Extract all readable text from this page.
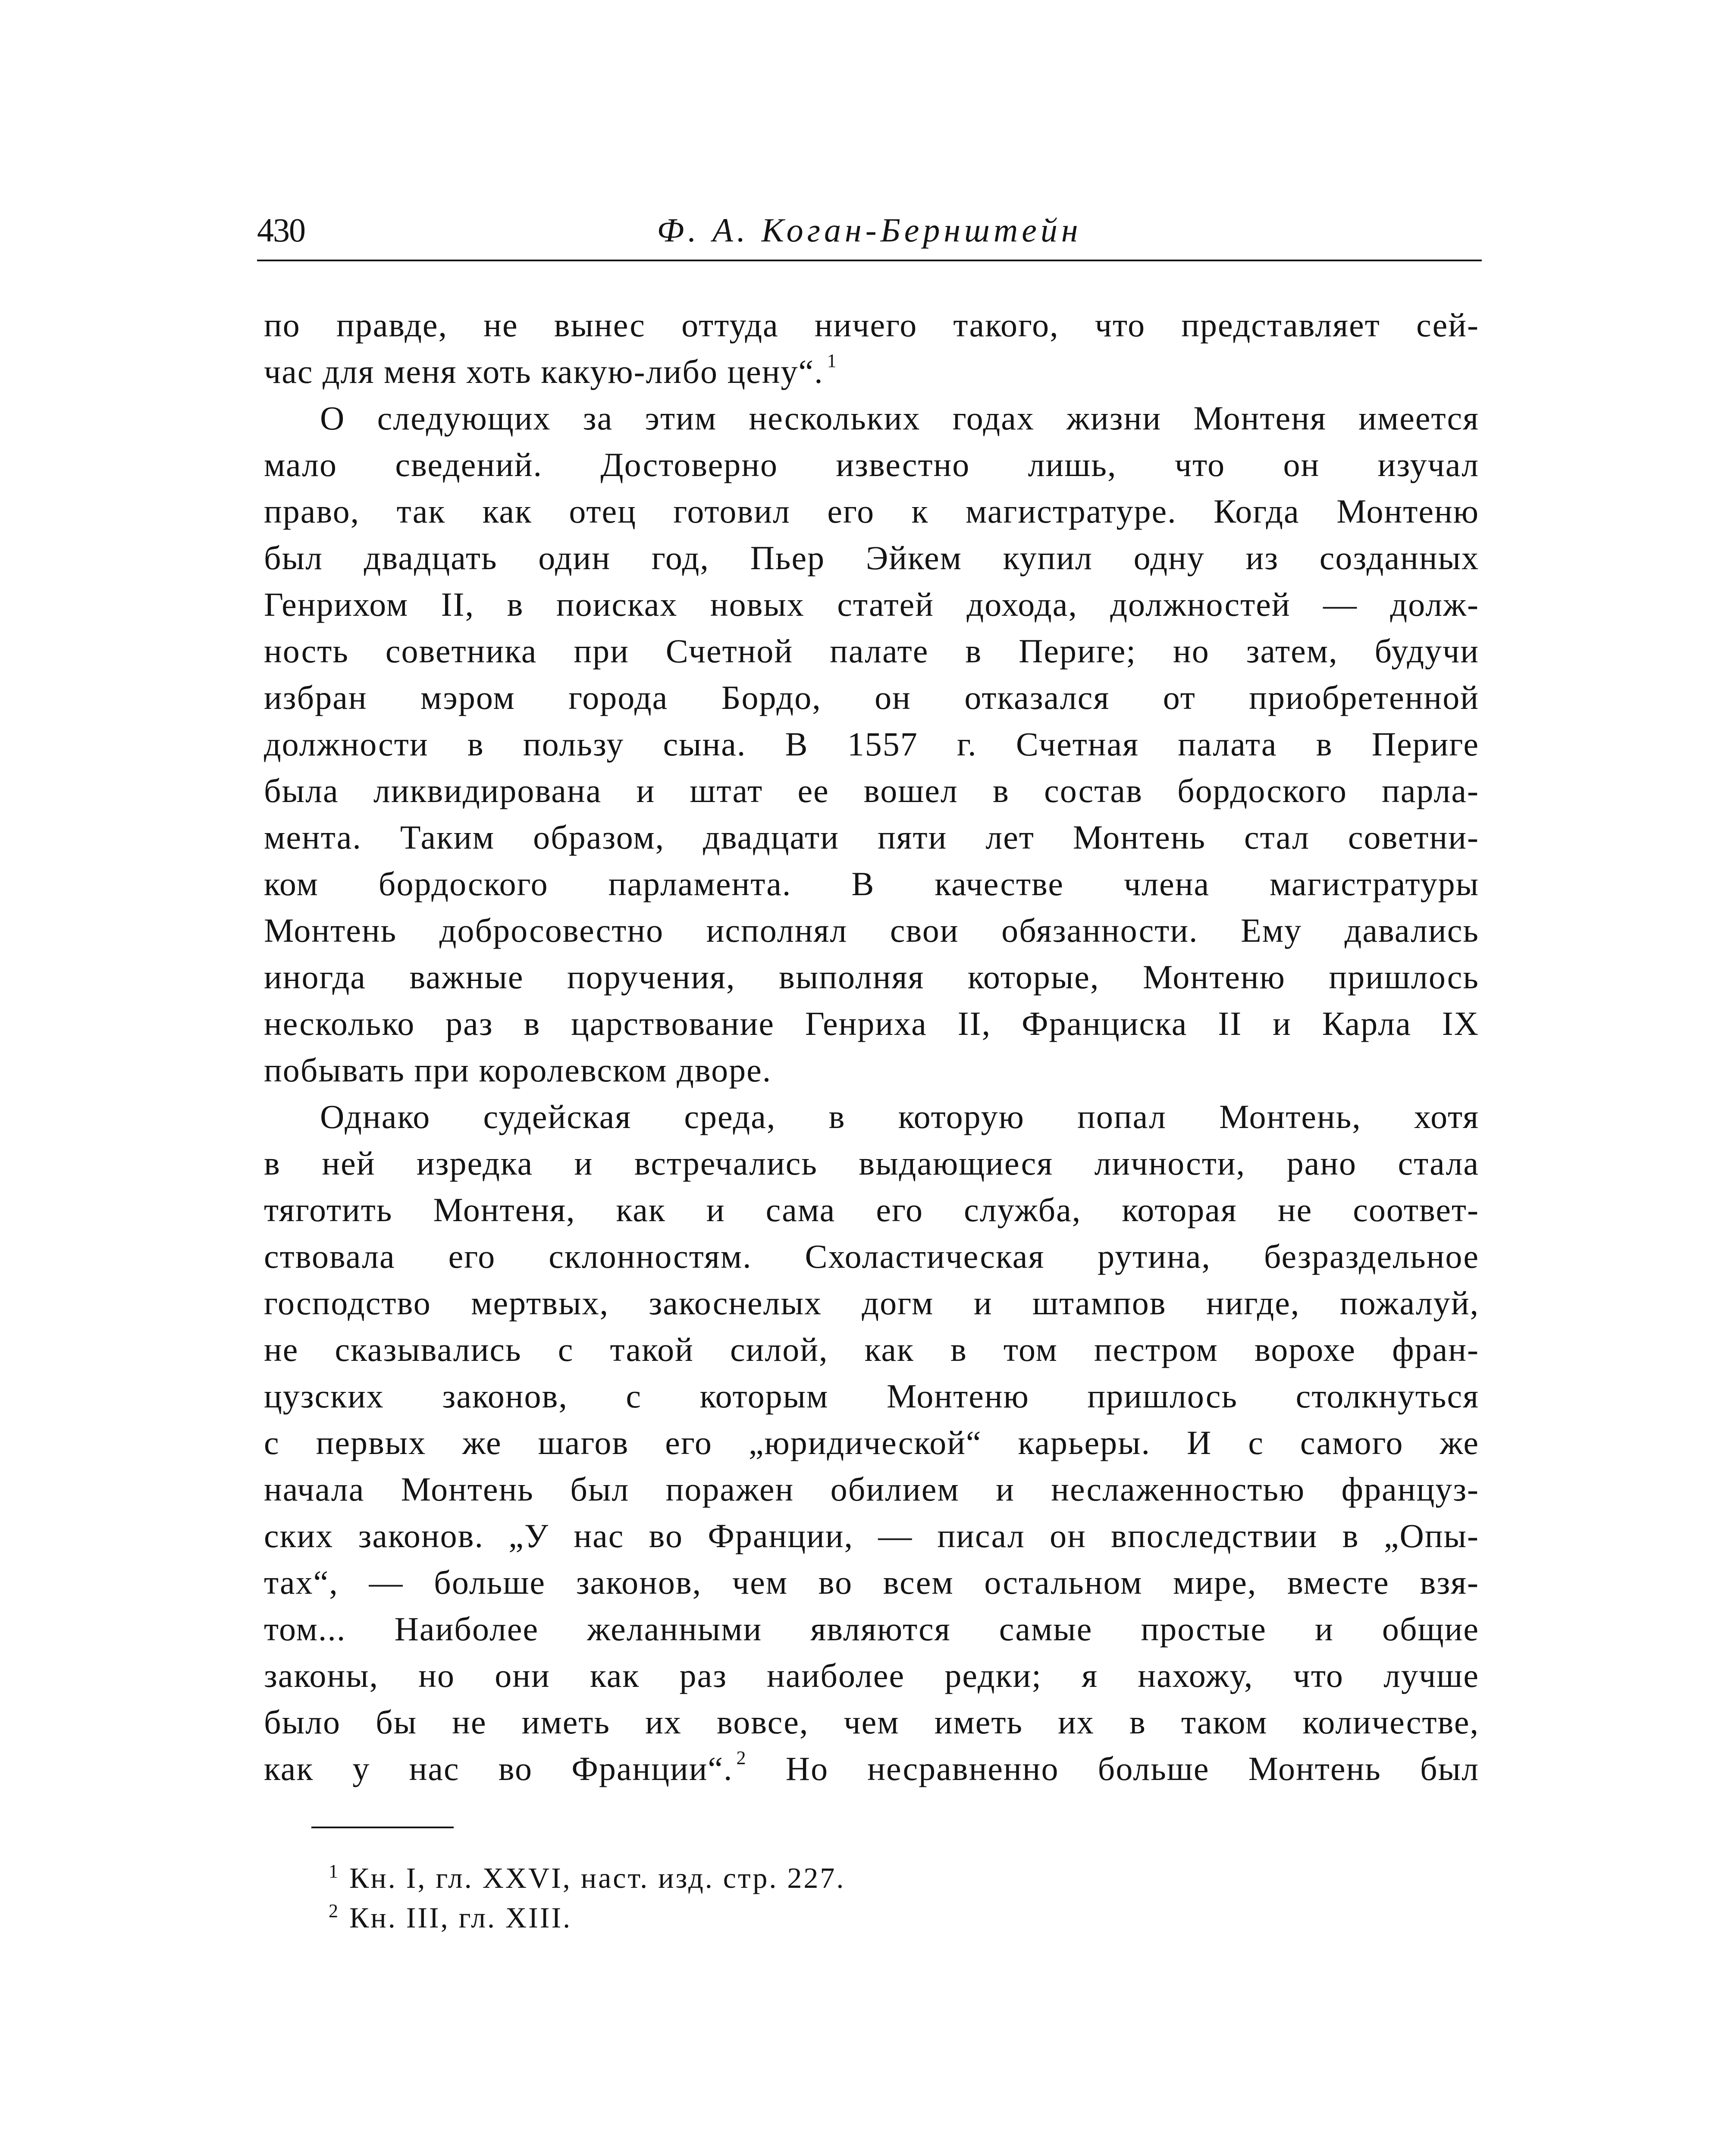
430	Ф. А. Коган-Бернштейн
по правде, не вынес оттуда ничего такого, что представляет сей-
час для меня хоть какую-либо цену“. $^1$
О следующих за этим нескольких годах жизни Монтеня имеется
мало сведений. Достоверно известно лишь, что он изучал
право, так как отец готовил его к магистратуре. Когда Монтеню
был двадцать один год, Пьер Эйкем купил одну из созданных
Генрихом II, в поисках новых статей дохода, должностей — долж-
ность советника при Счетной палате в Периге; но затем, будучи
избран мэром города Бордо, он отказался от приобретенной
должности в пользу сына. В 1557 г. Счетная палата в Периге
была ликвидирована и штат ее вошел в состав бордоского парла-
мента. Таким образом, двадцати пяти лет Монтень стал советни-
ком бордоского парламента. В качестве члена магистратуры
Монтень добросовестно исполнял свои обязанности. Ему давались
иногда важные поручения, выполняя которые, Монтеню пришлось
несколько раз в царствование Генриха II, Франциска II и Карла IX
побывать при королевском дворе.
Однако судейская среда, в которую попал Монтень, хотя
в ней изредка и встречались выдающиеся личности, рано стала
тяготить Монтеня, как и сама его служба, которая не соответ-
ствовала его склонностям. Схоластическая рутина, безраздельное
господство мертвых, закоснелых догм и штампов нигде, пожалуй,
не сказывались с такой силой, как в том пестром ворохе фран-
цузских законов, с которым Монтеню пришлось столкнуться
с первых же шагов его „юридической“ карьеры. И с самого же
начала Монтень был поражен обилием и неслаженностью францyз-
ских законов. „У нас во Франции, — писал он впоследствии в „Опы-
тах“, — больше законов, чем во всем остальном мире, вместе взя-
том... Наиболее желанными являются самые простые и общие
законы, но они как раз наиболее редки; я нахожу, что лучше
было бы не иметь их вовсе, чем иметь их в таком количестве,
как у нас во Франции“. $^2$ Но несравненно больше Монтень был
$^1$ Кн. I, гл. XXVI, наст. изд. стр. 227.
$^2$ Кн. III, гл. XIII.
